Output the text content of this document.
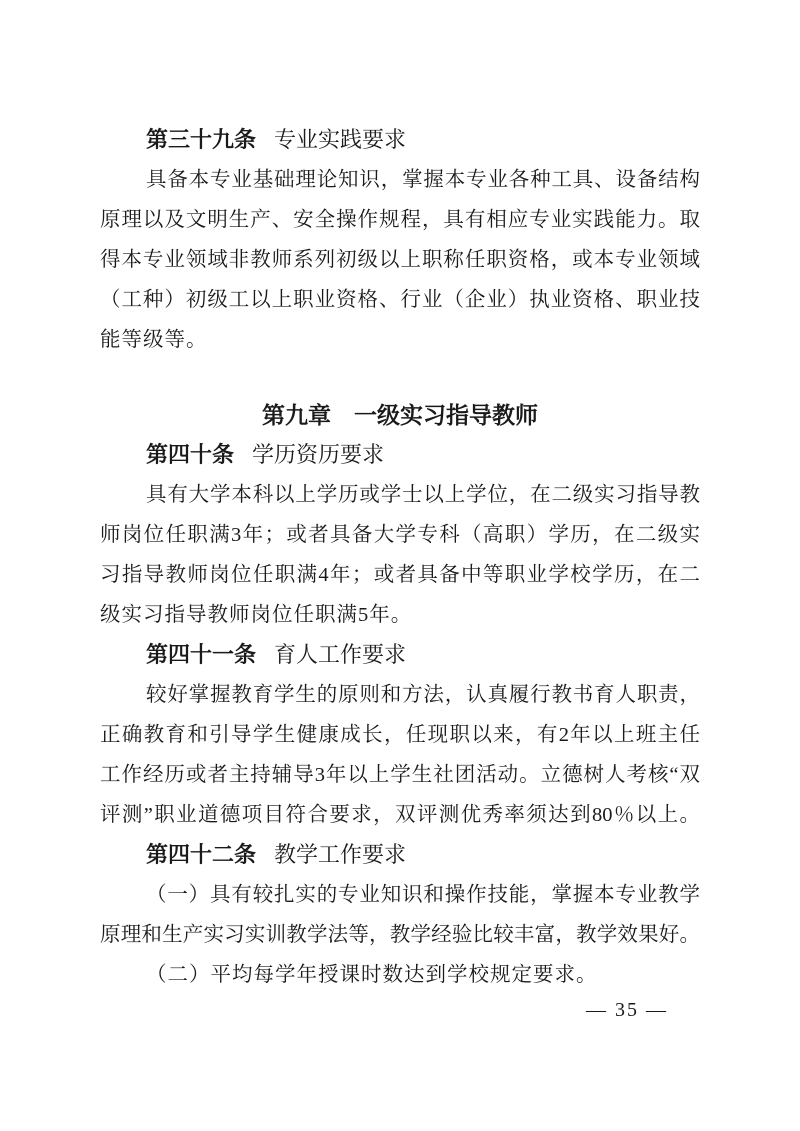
第三十九条 专业实践要求
具备本专业基础理论知识，掌握本专业各种工具、设备结构
原理以及文明生产、安全操作规程，具有相应专业实践能力。取
得本专业领域非教师系列初级以上职称任职资格，或本专业领域
（工种）初级工以上职业资格、行业（企业）执业资格、职业技
能等级等。
第九章　一级实习指导教师
第四十条 学历资历要求
具有大学本科以上学历或学士以上学位，在二级实习指导教
师岗位任职满3年；或者具备大学专科（高职）学历，在二级实
习指导教师岗位任职满4年；或者具备中等职业学校学历，在二
级实习指导教师岗位任职满5年。
第四十一条 育人工作要求
较好掌握教育学生的原则和方法，认真履行教书育人职责，
正确教育和引导学生健康成长，任现职以来，有2年以上班主任
工作经历或者主持辅导3年以上学生社团活动。立德树人考核“双
评测”职业道德项目符合要求，双评测优秀率须达到80％以上。
第四十二条 教学工作要求
（一）具有较扎实的专业知识和操作技能，掌握本专业教学
原理和生产实习实训教学法等，教学经验比较丰富，教学效果好。
（二）平均每学年授课时数达到学校规定要求。
— 35 —
